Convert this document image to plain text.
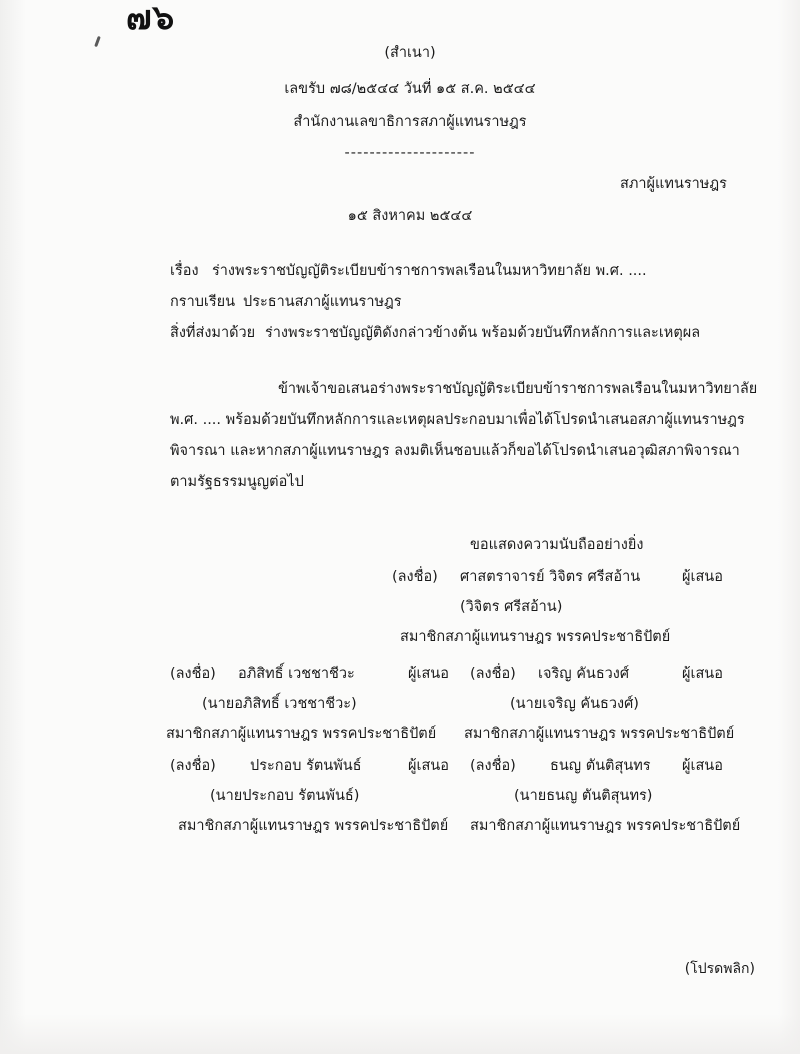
๗๖
(สำเนา)
เลขรับ ๗๘/๒๕๔๔ วันที่ ๑๕ ส.ค. ๒๕๔๔
สำนักงานเลขาธิการสภาผู้แทนราษฎร
---------------------
สภาผู้แทนราษฎร
๑๕ สิงหาคม ๒๕๔๔
เรื่อง ร่างพระราชบัญญัติระเบียบข้าราชการพลเรือนในมหาวิทยาลัย พ.ศ. ....
กราบเรียน ประธานสภาผู้แทนราษฎร
สิ่งที่ส่งมาด้วย ร่างพระราชบัญญัติดังกล่าวข้างต้น พร้อมด้วยบันทึกหลักการและเหตุผล
ข้าพเจ้าขอเสนอร่างพระราชบัญญัติระเบียบข้าราชการพลเรือนในมหาวิทยาลัย
พ.ศ. .... พร้อมด้วยบันทึกหลักการและเหตุผลประกอบมาเพื่อได้โปรดนำเสนอสภาผู้แทนราษฎร
พิจารณา และหากสภาผู้แทนราษฎร ลงมติเห็นชอบแล้วก็ขอได้โปรดนำเสนอวุฒิสภาพิจารณา
ตามรัฐธรรมนูญต่อไป
ขอแสดงความนับถืออย่างยิ่ง
(ลงชื่อ) ศาสตราจารย์ วิจิตร ศรีสอ้าน	ผู้เสนอ
(วิจิตร ศรีสอ้าน)
สมาชิกสภาผู้แทนราษฎร พรรคประชาธิปัตย์
(ลงชื่อ) อภิสิทธิ์ เวชชาชีวะ	ผู้เสนอ (ลงชื่อ) เจริญ คันธวงศ์	ผู้เสนอ
(นายอภิสิทธิ์ เวชชาชีวะ)	(นายเจริญ คันธวงศ์)
สมาชิกสภาผู้แทนราษฎร พรรคประชาธิปัตย์ สมาชิกสภาผู้แทนราษฎร พรรคประชาธิปัตย์
(ลงชื่อ) ประกอบ รัตนพันธ์	ผู้เสนอ (ลงชื่อ) ธนญ ตันติสุนทร ผู้เสนอ
(นายประกอบ รัตนพันธ์)	(นายธนญ ตันติสุนทร)
สมาชิกสภาผู้แทนราษฎร พรรคประชาธิปัตย์ สมาชิกสภาผู้แทนราษฎร พรรคประชาธิปัตย์
(โปรดพลิก)
